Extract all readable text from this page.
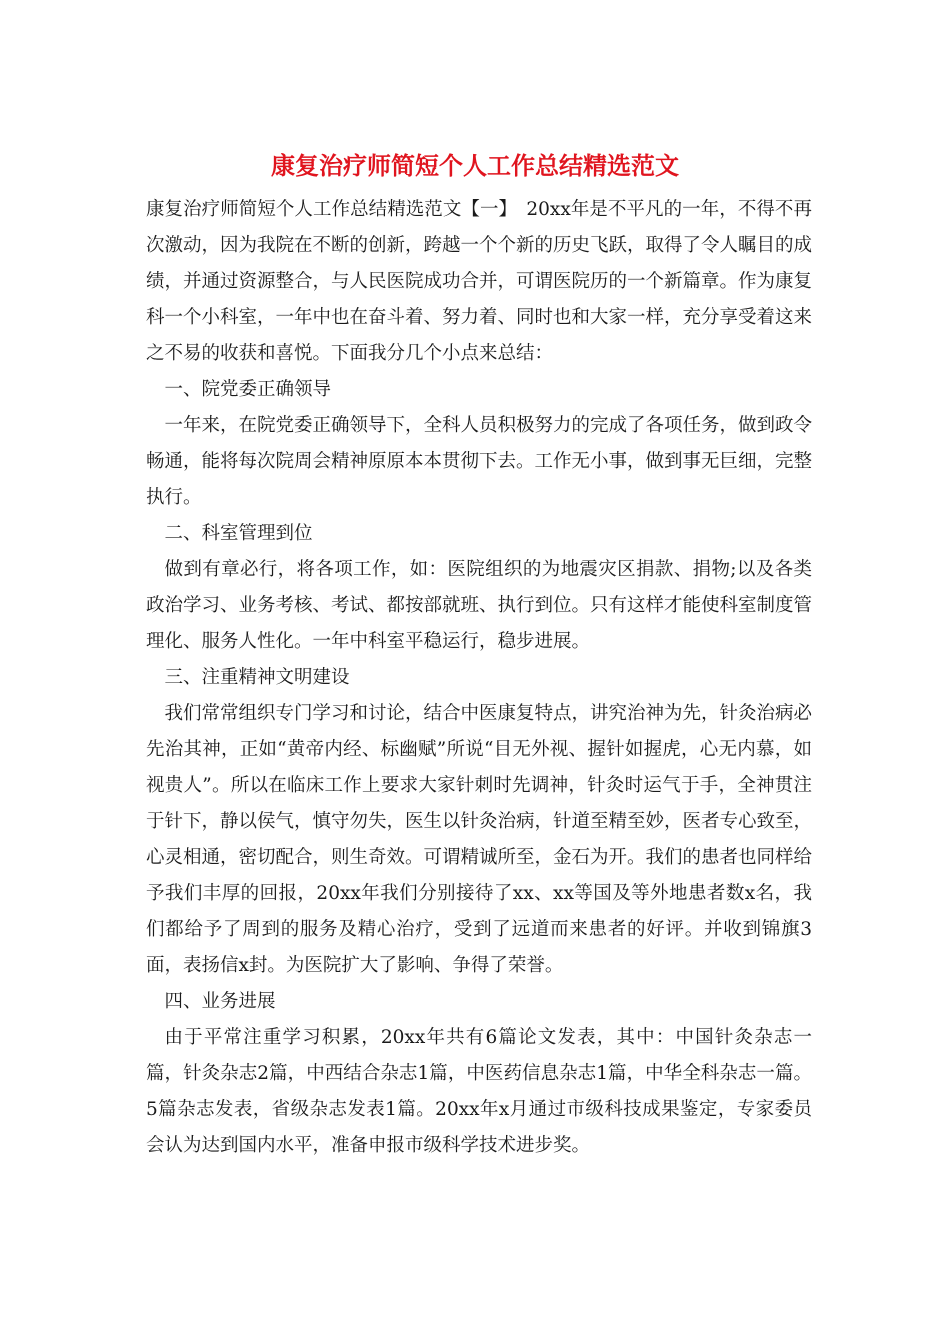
康复治疗师简短个人工作总结精选范文

康复治疗师简短个人工作总结精选范文【一】　20xx年是不平凡的一年，不得不再次激动，因为我院在不断的创新，跨越一个个新的历史飞跃，取得了令人瞩目的成绩，并通过资源整合，与人民医院成功合并，可谓医院历的一个新篇章。作为康复科一个小科室，一年中也在奋斗着、努力着、同时也和大家一样，充分享受着这来之不易的收获和喜悦。下面我分几个小点来总结：

一、院党委正确领导

一年来，在院党委正确领导下，全科人员积极努力的完成了各项任务，做到政令畅通，能将每次院周会精神原原本本贯彻下去。工作无小事，做到事无巨细，完整执行。

二、科室管理到位

做到有章必行，将各项工作，如：医院组织的为地震灾区捐款、捐物;以及各类政治学习、业务考核、考试、都按部就班、执行到位。只有这样才能使科室制度管理化、服务人性化。一年中科室平稳运行，稳步进展。

三、注重精神文明建设

我们常常组织专门学习和讨论，结合中医康复特点，讲究治神为先，针灸治病必先治其神，正如“黄帝内经、标幽赋”所说“目无外视、握针如握虎，心无内慕，如视贵人”。所以在临床工作上要求大家针刺时先调神，针灸时运气于手，全神贯注于针下，静以侯气，慎守勿失，医生以针灸治病，针道至精至妙，医者专心致至，心灵相通，密切配合，则生奇效。可谓精诚所至，金石为开。我们的患者也同样给予我们丰厚的回报，20xx年我们分别接待了xx、xx等国及等外地患者数x名，我们都给予了周到的服务及精心治疗，受到了远道而来患者的好评。并收到锦旗3面，表扬信x封。为医院扩大了影响、争得了荣誉。

四、业务进展

由于平常注重学习积累，20xx年共有6篇论文发表，其中：中国针灸杂志一篇，针灸杂志2篇，中西结合杂志1篇，中医药信息杂志1篇，中华全科杂志一篇。5篇杂志发表，省级杂志发表1篇。20xx年x月通过市级科技成果鉴定，专家委员会认为达到国内水平，准备申报市级科学技术进步奖。
